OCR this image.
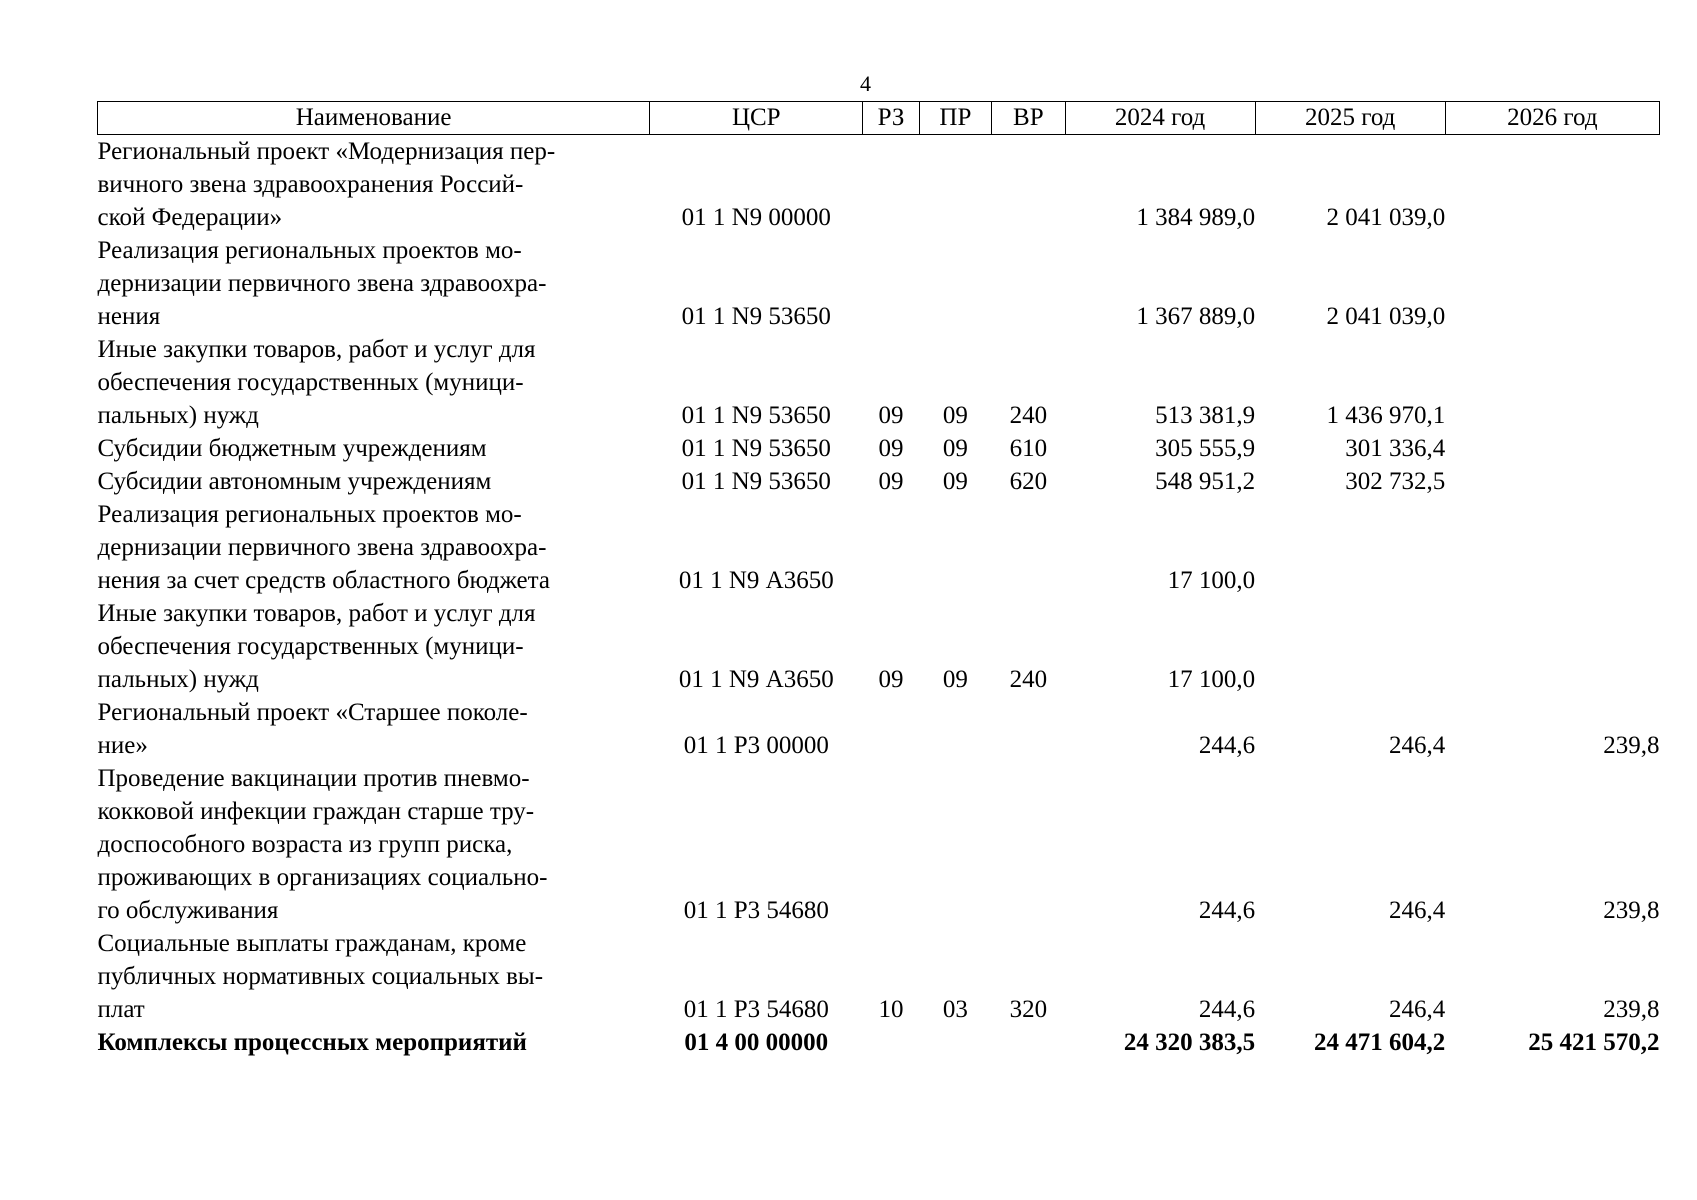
4
Наименование	ЦСР	РЗ	ПР	ВР	2024 год	2025 год	2026 год

Региональный проект «Модернизация пер-
вичного звена здравоохранения Россий-
ской Федерации»	01 1 N9 00000				1 384 989,0	2 041 039,0	

Реализация региональных проектов мо-
дернизации первичного звена здравоохра-
нения	01 1 N9 53650				1 367 889,0	2 041 039,0	

Иные закупки товаров, работ и услуг для
обеспечения государственных (муници-
пальных) нужд	01 1 N9 53650	09	09	240	513 381,9	1 436 970,1	

Субсидии бюджетным учреждениям	01 1 N9 53650	09	09	610	305 555,9	301 336,4	

Субсидии автономным учреждениям	01 1 N9 53650	09	09	620	548 951,2	302 732,5	

Реализация региональных проектов мо-
дернизации первичного звена здравоохра-
нения за счет средств областного бюджета	01 1 N9 А3650				17 100,0		

Иные закупки товаров, работ и услуг для
обеспечения государственных (муници-
пальных) нужд	01 1 N9 А3650	09	09	240	17 100,0		

Региональный проект «Старшее поколе-
ние»	01 1 P3 00000				244,6	246,4	239,8

Проведение вакцинации против пневмо-
кокковой инфекции граждан старше тру-
доспособного возраста из групп риска,
проживающих в организациях социально-
го обслуживания	01 1 P3 54680				244,6	246,4	239,8

Социальные выплаты гражданам, кроме
публичных нормативных социальных вы-
плат	01 1 P3 54680	10	03	320	244,6	246,4	239,8

Комплексы процессных мероприятий	01 4 00 00000				24 320 383,5	24 471 604,2	25 421 570,2
